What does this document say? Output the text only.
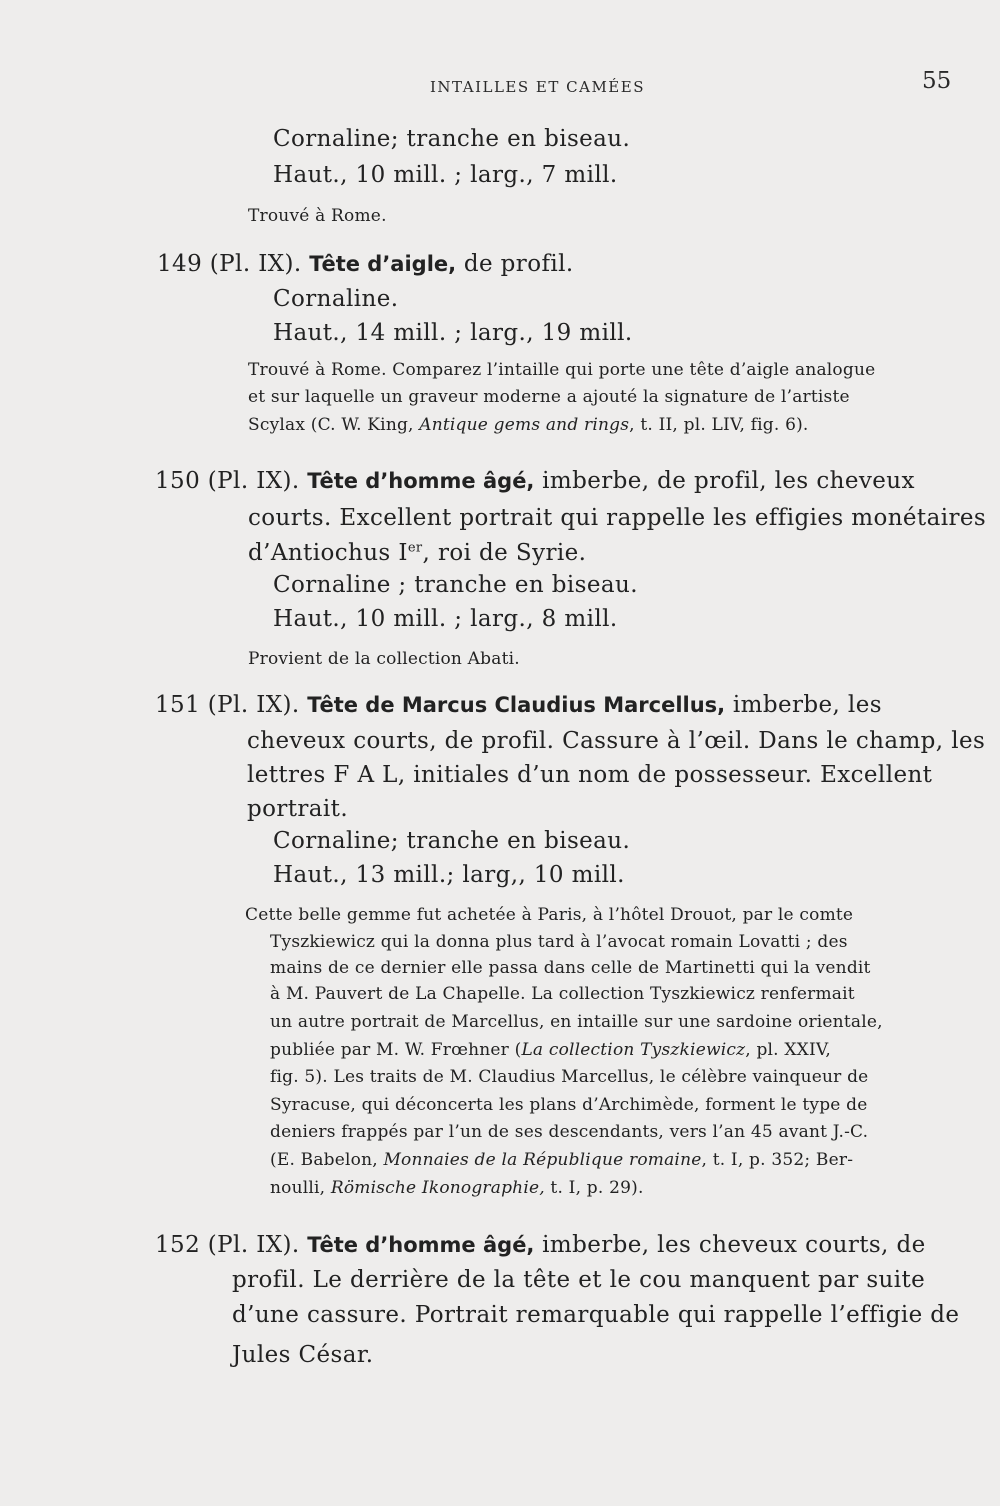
INTAILLES ET CAMÉES	55
Cornaline; tranche en biseau.
Haut., 10 mill. ; larg., 7 mill.
Trouvé à Rome.
149 (Pl. IX). Tête d’aigle, de profil.
Cornaline.
Haut., 14 mill. ; larg., 19 mill.
Trouvé à Rome. Comparez l’intaille qui porte une tête d’aigle analogue
et sur laquelle un graveur moderne a ajouté la signature de l’artiste
Scylax (C. W. King, Antique gems and rings, t. II, pl. LIV, fig. 6).
150 (Pl. IX). Tête d’homme âgé, imberbe, de profil, les cheveux
courts. Excellent portrait qui rappelle les effigies monétaires
d’Antiochus Ier, roi de Syrie.
Cornaline ; tranche en biseau.
Haut., 10 mill. ; larg., 8 mill.
Provient de la collection Abati.
151 (Pl. IX). Tête de Marcus Claudius Marcellus, imberbe, les
cheveux courts, de profil. Cassure à l’œil. Dans le champ, les
lettres F A L, initiales d’un nom de possesseur. Excellent
portrait.
Cornaline; tranche en biseau.
Haut., 13 mill.; larg,, 10 mill.
Cette belle gemme fut achetée à Paris, à l’hôtel Drouot, par le comte
Tyszkiewicz qui la donna plus tard à l’avocat romain Lovatti ; des
mains de ce dernier elle passa dans celle de Martinetti qui la vendit
à M. Pauvert de La Chapelle. La collection Tyszkiewicz renfermait
un autre portrait de Marcellus, en intaille sur une sardoine orientale,
publiée par M. W. Frœhner (La collection Tyszkiewicz, pl. XXIV,
fig. 5). Les traits de M. Claudius Marcellus, le célèbre vainqueur de
Syracuse, qui déconcerta les plans d’Archimède, forment le type de
deniers frappés par l’un de ses descendants, vers l’an 45 avant J.-C.
(E. Babelon, Monnaies de la République romaine, t. I, p. 352; Ber-
noulli, Römische Ikonographie, t. I, p. 29).
152 (Pl. IX). Tête d’homme âgé, imberbe, les cheveux courts, de
profil. Le derrière de la tête et le cou manquent par suite
d’une cassure. Portrait remarquable qui rappelle l’effigie de
Jules César.
